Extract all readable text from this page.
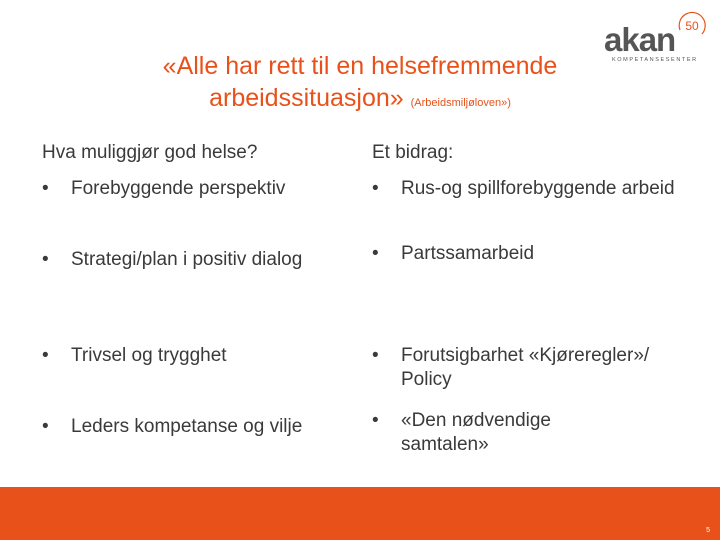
«Alle har rett til en helsefremmende
arbeidssituasjon» (Arbeidsmiljøloven»)
akan
KOMPETANSESENTER
50
Hva muliggjør god helse?	Et bidrag:
•	Forebyggende perspektiv
•	Strategi/plan i positiv dialog
•	Trivsel og trygghet
•	Leders kompetanse og vilje
•	Rus-og spillforebyggende arbeid
•	Partssamarbeid
•	Forutsigbarhet «Kjøreregler»/ Policy
•	«Den nødvendige samtalen»
5
